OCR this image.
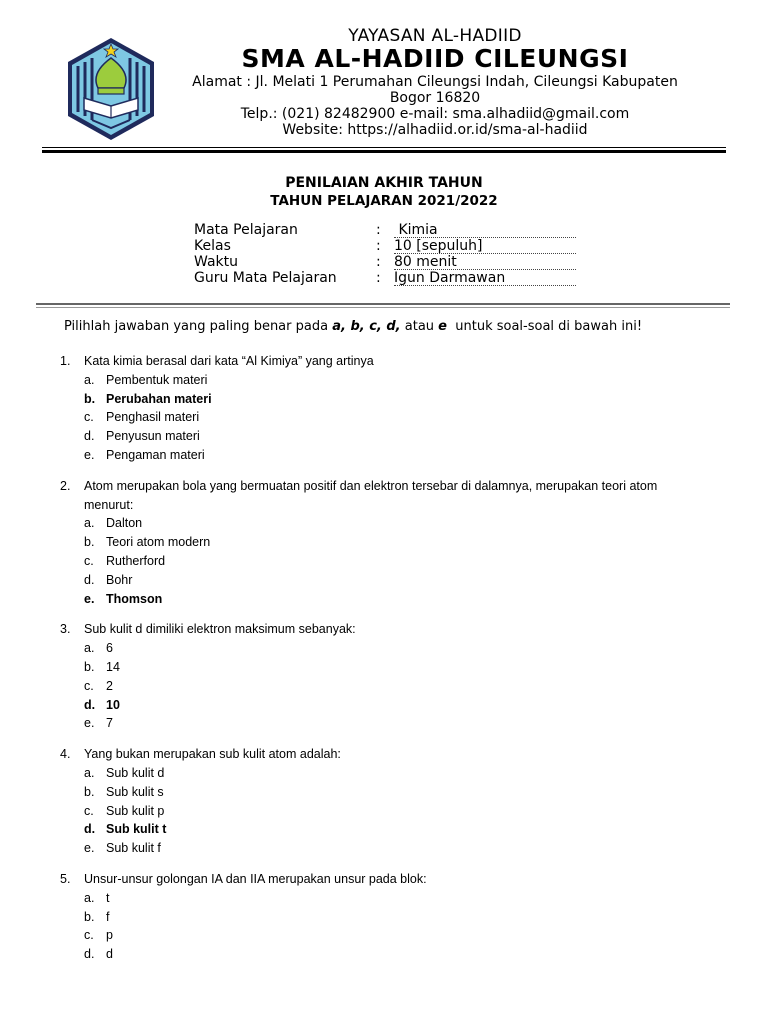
YAYASAN AL-HADIID
SMA AL-HADIID CILEUNGSI
Alamat : Jl. Melati 1 Perumahan Cileungsi Indah, Cileungsi Kabupaten
Bogor 16820
Telp.: (021) 82482900 e-mail: sma.alhadiid@gmail.com
Website: https://alhadiid.or.id/sma-al-hadiid
PENILAIAN AKHIR TAHUN
TAHUN PELAJARAN 2021/2022
Mata Pelajaran	: Kimia
Kelas	: 10 [sepuluh]
Waktu	: 80 menit
Guru Mata Pelajaran	: Igun Darmawan
Pilihlah jawaban yang paling benar pada a, b, c, d, atau e  untuk soal-soal di bawah ini!
1. Kata kimia berasal dari kata “Al Kimiya” yang artinya
a. Pembentuk materi
b. Perubahan materi
c. Penghasil materi
d. Penyusun materi
e. Pengaman materi
2. Atom merupakan bola yang bermuatan positif dan elektron tersebar di dalamnya, merupakan teori atom
menurut:
a. Dalton
b. Teori atom modern
c. Rutherford
d. Bohr
e. Thomson
3. Sub kulit d dimiliki elektron maksimum sebanyak:
a. 6
b. 14
c. 2
d. 10
e. 7
4. Yang bukan merupakan sub kulit atom adalah:
a. Sub kulit d
b. Sub kulit s
c. Sub kulit p
d. Sub kulit t
e. Sub kulit f
5. Unsur-unsur golongan IA dan IIA merupakan unsur pada blok:
a. t
b. f
c. p
d. d
